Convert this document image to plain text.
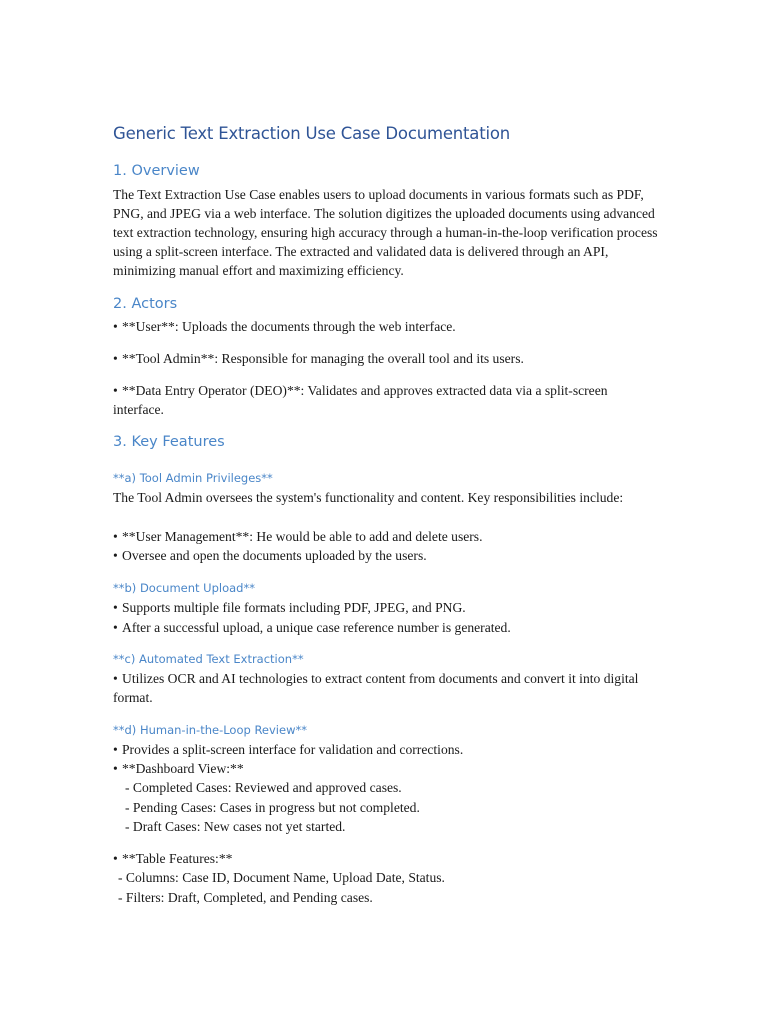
Generic Text Extraction Use Case Documentation
1. Overview

The Text Extraction Use Case enables users to upload documents in various formats such as PDF, PNG, and JPEG via a web interface. The solution digitizes the uploaded documents using advanced text extraction technology, ensuring high accuracy through a human-in-the-loop verification process using a split-screen interface. The extracted and validated data is delivered through an API, minimizing manual effort and maximizing efficiency.

2. Actors
• **User**: Uploads the documents through the web interface.
• **Tool Admin**: Responsible for managing the overall tool and its users.
• **Data Entry Operator (DEO)**: Validates and approves extracted data via a split-screen interface.
3. Key Features
**a) Tool Admin Privileges**

The Tool Admin oversees the system's functionality and content. Key responsibilities include:

• **User Management**: He would be able to add and delete users.
• Oversee and open the documents uploaded by the users.
**b) Document Upload**
• Supports multiple file formats including PDF, JPEG, and PNG.
• After a successful upload, a unique case reference number is generated.
**c) Automated Text Extraction**
• Utilizes OCR and AI technologies to extract content from documents and convert it into digital format.
**d) Human-in-the-Loop Review**
• Provides a split-screen interface for validation and corrections.
• **Dashboard View:**
- Completed Cases: Reviewed and approved cases.
- Pending Cases: Cases in progress but not completed.
- Draft Cases: New cases not yet started.
• **Table Features:**
- Columns: Case ID, Document Name, Upload Date, Status.
- Filters: Draft, Completed, and Pending cases.
